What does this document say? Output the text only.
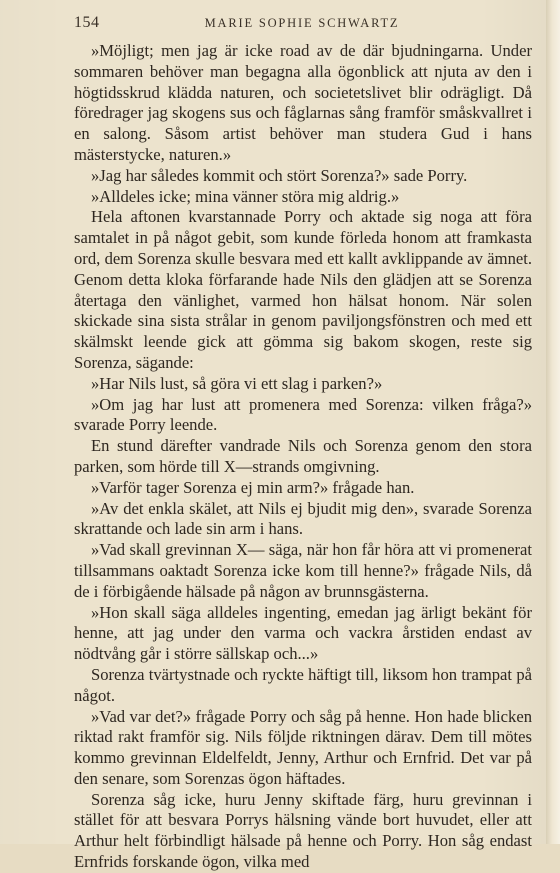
154	MARIE SOPHIE SCHWARTZ

»Möjligt; men jag är icke road av de där bjudningarna. Under sommaren behöver man begagna alla ögonblick att njuta av den i högtidsskrud klädda naturen, och societetslivet blir odrägligt. Då föredrager jag skogens sus och fåglarnas sång framför småskvallret i en salong. Såsom artist behöver man studera Gud i hans mästerstycke, naturen.»

»Jag har således kommit och stört Sorenza?» sade Porry.

»Alldeles icke; mina vänner störa mig aldrig.»

Hela aftonen kvarstannade Porry och aktade sig noga att föra samtalet in på något gebit, som kunde förleda honom att framkasta ord, dem Sorenza skulle besvara med ett kallt avklippande av ämnet. Genom detta kloka förfarande hade Nils den glädjen att se Sorenza återtaga den vänlighet, varmed hon hälsat honom. När solen skickade sina sista strålar in genom paviljongsfönstren och med ett skälmskt leende gick att gömma sig bakom skogen, reste sig Sorenza, sägande:

»Har Nils lust, så göra vi ett slag i parken?»

»Om jag har lust att promenera med Sorenza: vilken fråga?» svarade Porry leende.

En stund därefter vandrade Nils och Sorenza genom den stora parken, som hörde till X—strands omgivning.

»Varför tager Sorenza ej min arm?» frågade han.

»Av det enkla skälet, att Nils ej bjudit mig den», svarade Sorenza skrattande och lade sin arm i hans.

»Vad skall grevinnan X— säga, när hon får höra att vi promenerat tillsammans oaktadt Sorenza icke kom till henne?» frågade Nils, då de i förbigående hälsade på någon av brunnsgästerna.

»Hon skall säga alldeles ingenting, emedan jag ärligt bekänt för henne, att jag under den varma och vackra årstiden endast av nödtvång går i större sällskap och...»

Sorenza tvärtystnade och ryckte häftigt till, liksom hon trampat på något.

»Vad var det?» frågade Porry och såg på henne. Hon hade blicken riktad rakt framför sig. Nils följde riktningen därav. Dem till mötes kommo grevinnan Eldelfeldt, Jenny, Arthur och Ernfrid. Det var på den senare, som Sorenzas ögon häftades.

Sorenza såg icke, huru Jenny skiftade färg, huru grevinnan i stället för att besvara Porrys hälsning vände bort huvudet, eller att Arthur helt förbindligt hälsade på henne och Porry. Hon såg endast Ernfrids forskande ögon, vilka med
